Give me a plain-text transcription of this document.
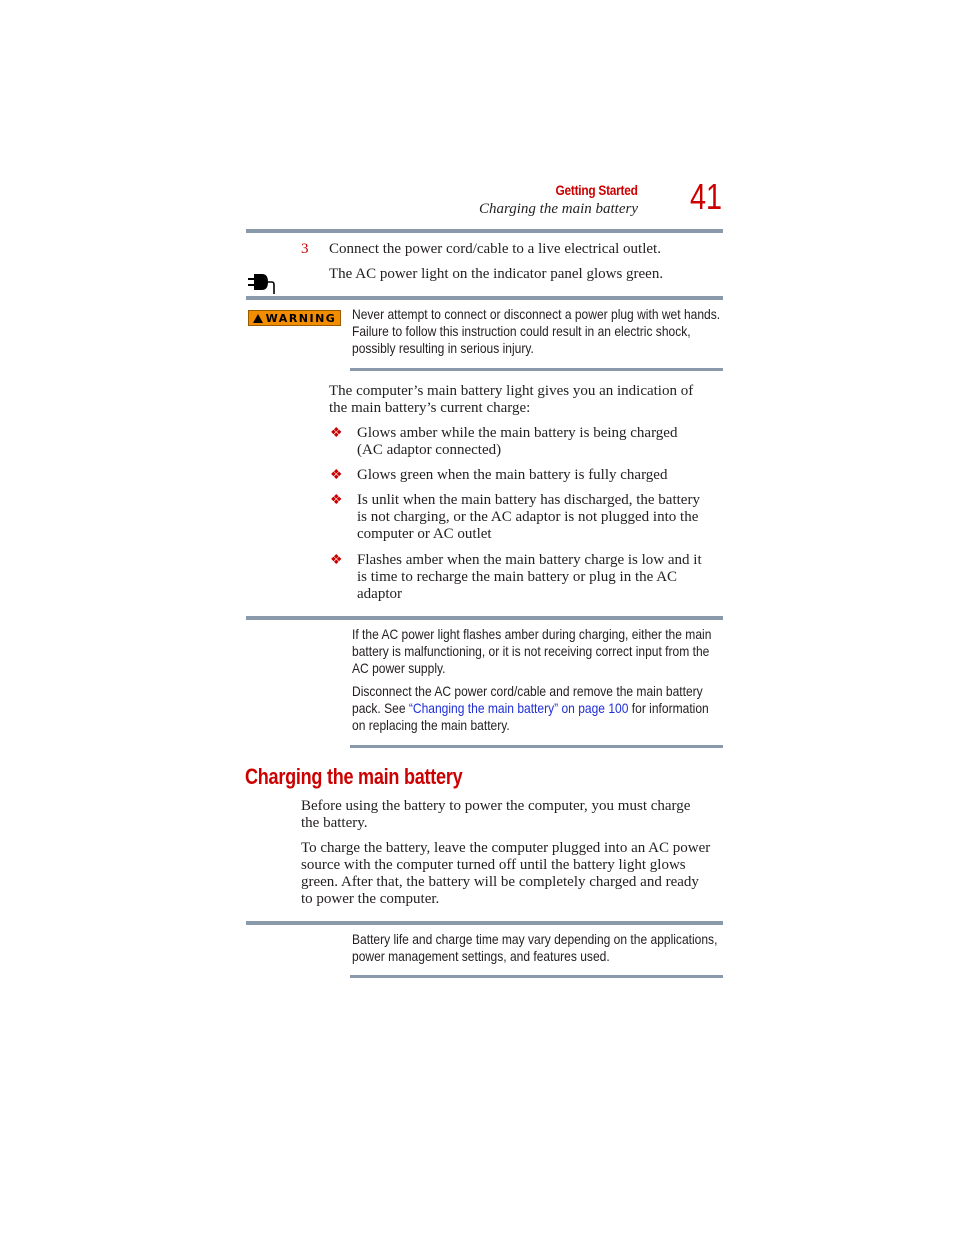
Getting Started
Charging the main battery 41
3 Connect the power cord/cable to a live electrical outlet.
The AC power light on the indicator panel glows green.
WARNING Never attempt to connect or disconnect a power plug with wet hands.
Failure to follow this instruction could result in an electric shock,
possibly resulting in serious injury.
The computer’s main battery light gives you an indication of
the main battery’s current charge:
❖ Glows amber while the main battery is being charged
(AC adaptor connected)
❖ Glows green when the main battery is fully charged
❖ Is unlit when the main battery has discharged, the battery
is not charging, or the AC adaptor is not plugged into the
computer or AC outlet
❖ Flashes amber when the main battery charge is low and it
is time to recharge the main battery or plug in the AC
adaptor
If the AC power light flashes amber during charging, either the main
battery is malfunctioning, or it is not receiving correct input from the
AC power supply.
Disconnect the AC power cord/cable and remove the main battery
pack. See “Changing the main battery” on page 100 for information
on replacing the main battery.
Charging the main battery
Before using the battery to power the computer, you must charge
the battery.
To charge the battery, leave the computer plugged into an AC power
source with the computer turned off until the battery light glows
green. After that, the battery will be completely charged and ready
to power the computer.
Battery life and charge time may vary depending on the applications,
power management settings, and features used.
